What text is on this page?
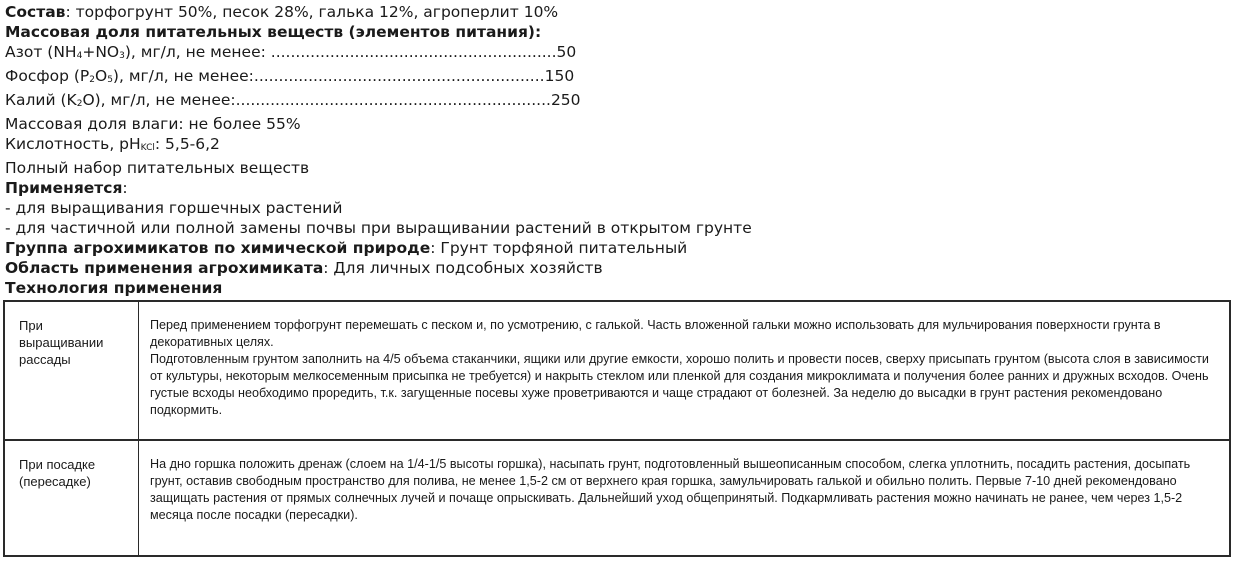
Состав: торфогрунт 50%, песок 28%, галька 12%, агроперлит 10%
Массовая доля питательных веществ (элементов питания):
Азот (NH4+NO3), мг/л, не менее: ..........................................................50
Фосфор (P2O5), мг/л, не менее:...........................................................150
Калий (K2O), мг/л, не менее:................................................................250
Массовая доля влаги: не более 55%
Кислотность, pHKCl: 5,5-6,2
Полный набор питательных веществ
Применяется:
- для выращивания горшечных растений
- для частичной или полной замены почвы при выращивании растений в открытом грунте
Группа агрохимикатов по химической природе: Грунт торфяной питательный
Область применения агрохимиката: Для личных подсобных хозяйств
Технология применения
При выращивании рассады

Перед применением торфогрунт перемешать с песком и, по усмотрению, с галькой. Часть вложенной гальки можно использовать для мульчирования поверхности грунта в декоративных целях.

Подготовленным грунтом заполнить на 4/5 объема стаканчики, ящики или другие емкости, хорошо полить и провести посев, сверху присыпать грунтом (высота слоя в зависимости от культуры, некоторым мелкосеменным присыпка не требуется) и накрыть стеклом или пленкой для создания микроклимата и получения более ранних и дружных всходов. Очень густые всходы необходимо проредить, т.к. загущенные посевы хуже проветриваются и чаще страдают от болезней. За неделю до высадки в грунт растения рекомендовано подкормить.

При посадке (пересадке)

На дно горшка положить дренаж (слоем на 1/4-1/5 высоты горшка), насыпать грунт, подготовленный вышеописанным способом, слегка уплотнить, посадить растения, досыпать грунт, оставив свободным пространство для полива, не менее 1,5-2 см от верхнего края горшка, замульчировать галькой и обильно полить. Первые 7-10 дней рекомендовано защищать растения от прямых солнечных лучей и почаще опрыскивать. Дальнейший уход общепринятый. Подкармливать растения можно начинать не ранее, чем через 1,5-2 месяца после посадки (пересадки).
